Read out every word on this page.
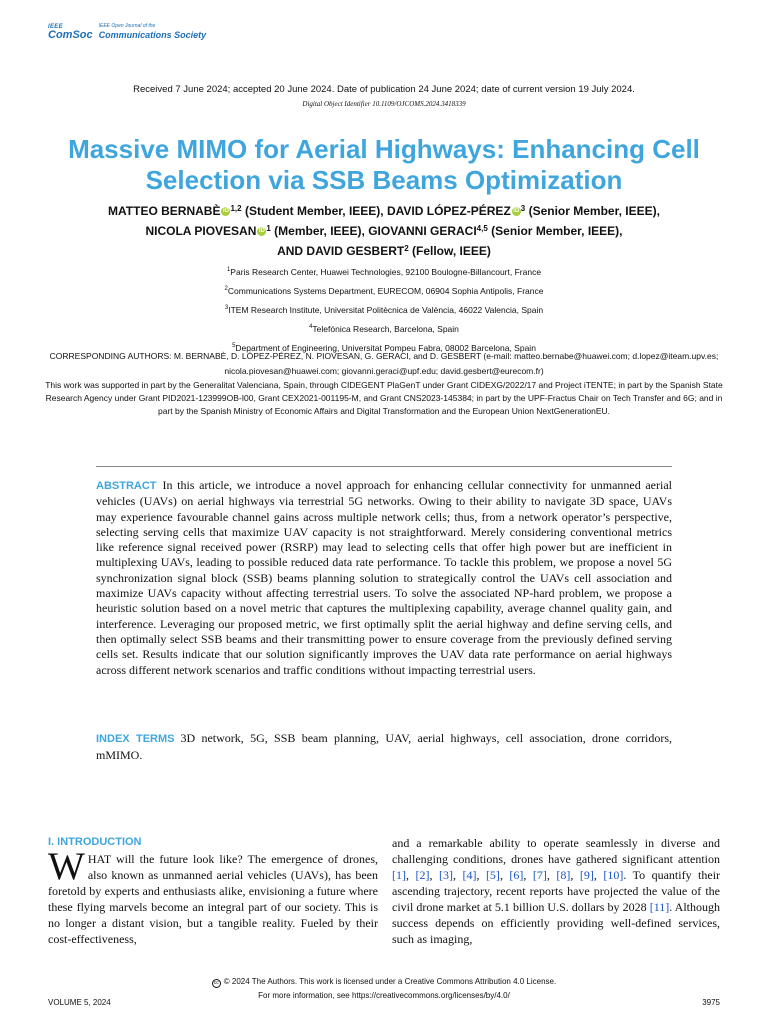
IEEE
ComSoc
IEEE Open Journal of the
Communications Society
Received 7 June 2024; accepted 20 June 2024. Date of publication 24 June 2024; date of current version 19 July 2024.
Digital Object Identifier 10.1109/OJCOMS.2024.3418339
Massive MIMO for Aerial Highways: Enhancing Cell Selection via SSB Beams Optimization
MATTEO BERNABÈ iD $^{1,2}$ (Student Member, IEEE), DAVID LÓPEZ-PÉREZ iD $^3$ (Senior Member, IEEE),
NICOLA PIOVESAN iD $^1$ (Member, IEEE), GIOVANNI GERACI$^{4,5}$ (Senior Member, IEEE),
AND DAVID GESBERT$^2$ (Fellow, IEEE)
$^1$Paris Research Center, Huawei Technologies, 92100 Boulogne-Billancourt, France
$^2$Communications Systems Department, EURECOM, 06904 Sophia Antipolis, France
$^3$ITEM Research Institute, Universitat Politècnica de València, 46022 Valencia, Spain
$^4$Telefónica Research, Barcelona, Spain
$^5$Department of Engineering, Universitat Pompeu Fabra, 08002 Barcelona, Spain
CORRESPONDING AUTHORS: M. BERNABÈ, D. LÓPEZ-PÉREZ, N. PIOVESAN, G. GERACI, and D. GESBERT (e-mail: matteo.bernabe@huawei.com; d.lopez@iteam.upv.es; nicola.piovesan@huawei.com; giovanni.geraci@upf.edu; david.gesbert@eurecom.fr)
This work was supported in part by the Generalitat Valenciana, Spain, through CIDEGENT PlaGenT under Grant CIDEXG/2022/17 and Project iTENTE; in part by the Spanish State Research Agency under Grant PID2021-123999OB-I00, Grant CEX2021-001195-M, and Grant CNS2023-145384; in part by the UPF-Fractus Chair on Tech Transfer and 6G; and in part by the Spanish Ministry of Economic Affairs and Digital Transformation and the European Union NextGenerationEU.

ABSTRACT In this article, we introduce a novel approach for enhancing cellular connectivity for unmanned aerial vehicles (UAVs) on aerial highways via terrestrial 5G networks. Owing to their ability to navigate 3D space, UAVs may experience favourable channel gains across multiple network cells; thus, from a network operator’s perspective, selecting serving cells that maximize UAV capacity is not straightforward. Merely considering conventional metrics like reference signal received power (RSRP) may lead to selecting cells that offer high power but are inefficient in multiplexing UAVs, leading to possible reduced data rate performance. To tackle this problem, we propose a novel 5G synchronization signal block (SSB) beams planning solution to strategically control the UAVs cell association and maximize UAVs capacity without affecting terrestrial users. To solve the associated NP-hard problem, we propose a heuristic solution based on a novel metric that captures the multiplexing capability, average channel quality gain, and interference. Leveraging our proposed metric, we first optimally split the aerial highway and define serving cells, and then optimally select SSB beams and their transmitting power to ensure coverage from the previously defined serving cells set. Results indicate that our solution significantly improves the UAV data rate performance on aerial highways across different network scenarios and traffic conditions without impacting terrestrial users.

INDEX TERMS 3D network, 5G, SSB beam planning, UAV, aerial highways, cell association, drone corridors, mMIMO.

I. INTRODUCTION

WHAT will the future look like? The emergence of drones, also known as unmanned aerial vehicles (UAVs), has been foretold by experts and enthusiasts alike, envisioning a future where these flying marvels become an integral part of our society. This is no longer a distant vision, but a tangible reality. Fueled by their cost-effectiveness,

and a remarkable ability to operate seamlessly in diverse and challenging conditions, drones have gathered significant attention [1], [2], [3], [4], [5], [6], [7], [8], [9], [10]. To quantify their ascending trajectory, recent reports have projected the value of the civil drone market at 5.1 billion U.S. dollars by 2028 [11]. Although success depends on efficiently providing well-defined services, such as imaging,

cc © 2024 The Authors. This work is licensed under a Creative Commons Attribution 4.0 License.
For more information, see https://creativecommons.org/licenses/by/4.0/
VOLUME 5, 2024	3975
